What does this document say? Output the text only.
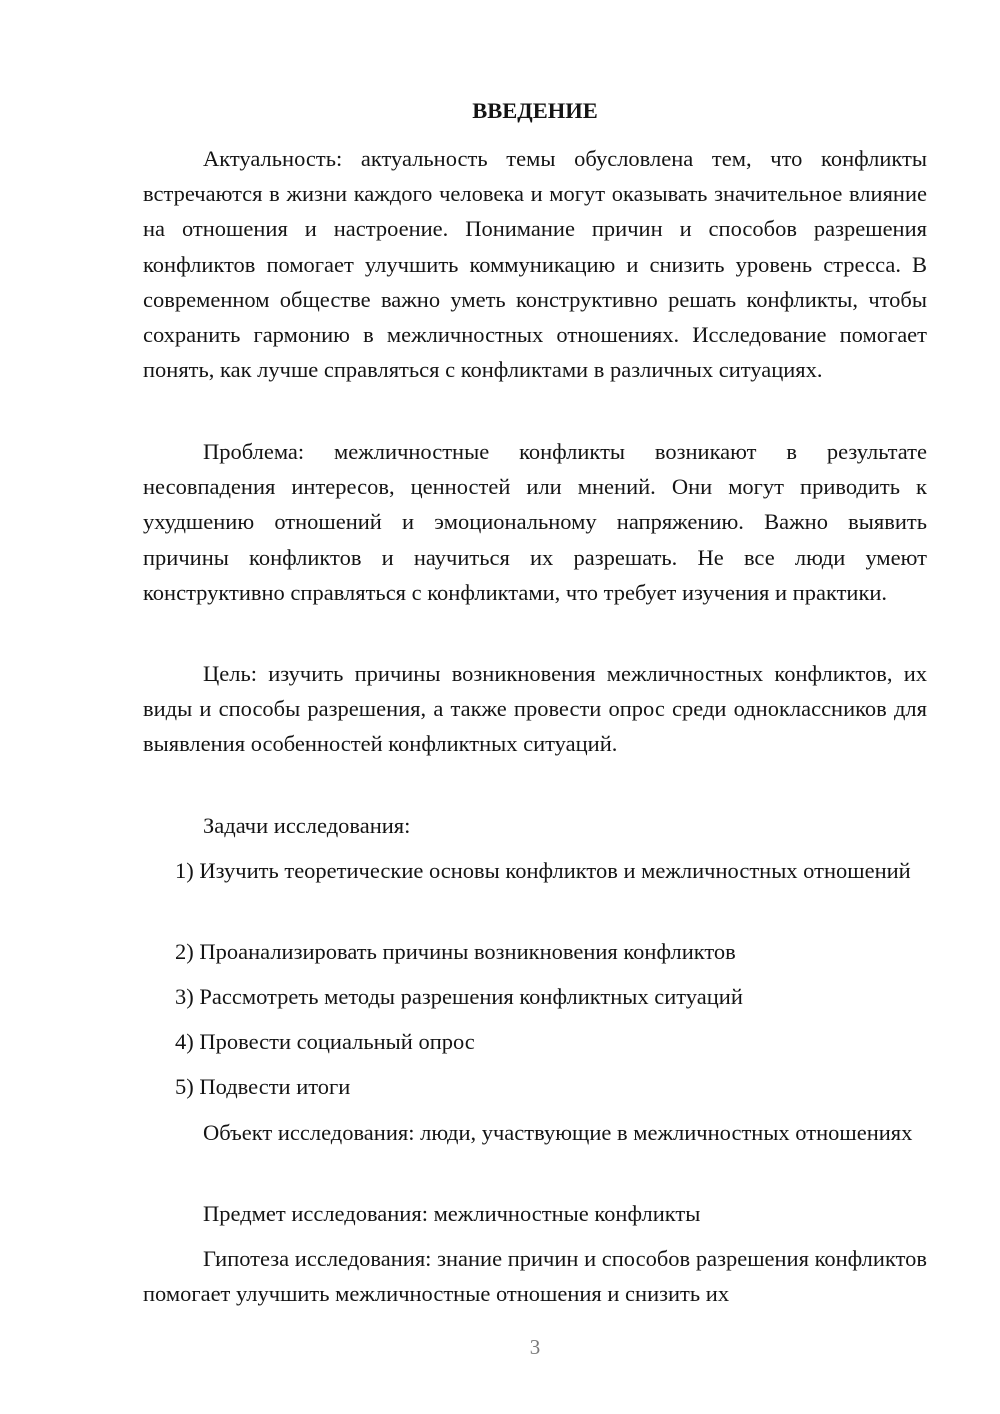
ВВЕДЕНИЕ

Актуальность: актуальность темы обусловлена тем, что конфликты встречаются в жизни каждого человека и могут оказывать значительное влияние на отношения и настроение. Понимание причин и способов разрешения конфликтов помогает улучшить коммуникацию и снизить уровень стресса. В современном обществе важно уметь конструктивно решать конфликты, чтобы сохранить гармонию в межличностных отношениях. Исследование помогает понять, как лучше справляться с конфликтами в различных ситуациях.

Проблема: межличностные конфликты возникают в результате несовпадения интересов, ценностей или мнений. Они могут приводить к ухудшению отношений и эмоциональному напряжению. Важно выявить причины конфликтов и научиться их разрешать. Не все люди умеют конструктивно справляться с конфликтами, что требует изучения и практики.

Цель: изучить причины возникновения межличностных конфликтов, их виды и способы разрешения, а также провести опрос среди одноклассников для выявления особенностей конфликтных ситуаций.

Задачи исследования:

1) Изучить теоретические основы конфликтов и межличностных отношений

2) Проанализировать причины возникновения конфликтов

3) Рассмотреть методы разрешения конфликтных ситуаций

4) Провести социальный опрос

5) Подвести итоги

Объект исследования: люди, участвующие в межличностных отношениях

Предмет исследования: межличностные конфликты

Гипотеза исследования: знание причин и способов разрешения конфликтов помогает улучшить межличностные отношения и снизить их

3
